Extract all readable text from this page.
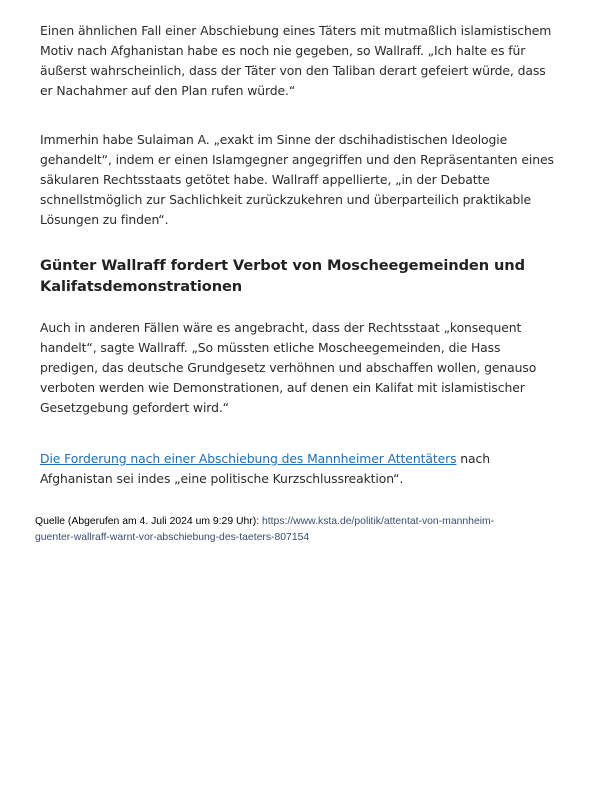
Einen ähnlichen Fall einer Abschiebung eines Täters mit mutmaßlich islamistischem
Motiv nach Afghanistan habe es noch nie gegeben, so Wallraff. „Ich halte es für
äußerst wahrscheinlich, dass der Täter von den Taliban derart gefeiert würde, dass
er Nachahmer auf den Plan rufen würde.“
Immerhin habe Sulaiman A. „exakt im Sinne der dschihadistischen Ideologie
gehandelt“, indem er einen Islamgegner angegriffen und den Repräsentanten eines
säkularen Rechtsstaats getötet habe. Wallraff appellierte, „in der Debatte
schnellstmöglich zur Sachlichkeit zurückzukehren und überparteilich praktikable
Lösungen zu finden“.
Günter Wallraff fordert Verbot von Moscheegemeinden und
Kalifatsdemonstrationen
Auch in anderen Fällen wäre es angebracht, dass der Rechtsstaat „konsequent
handelt“, sagte Wallraff. „So müssten etliche Moscheegemeinden, die Hass
predigen, das deutsche Grundgesetz verhöhnen und abschaffen wollen, genauso
verboten werden wie Demonstrationen, auf denen ein Kalifat mit islamistischer
Gesetzgebung gefordert wird.“
Die Forderung nach einer Abschiebung des Mannheimer Attentäters nach
Afghanistan sei indes „eine politische Kurzschlussreaktion“.
Quelle (Abgerufen am 4. Juli 2024 um 9:29 Uhr): https://www.ksta.de/politik/attentat-von-mannheim-
guenter-wallraff-warnt-vor-abschiebung-des-taeters-807154
